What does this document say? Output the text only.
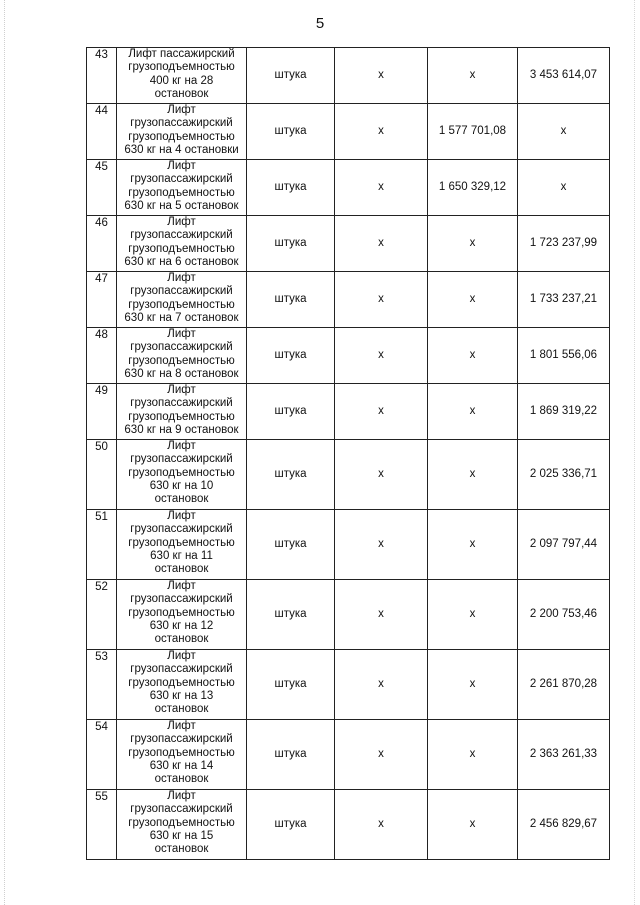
5
43	Лифт пассажирский
грузоподъемностью
400 кг на 28
остановок	штука	х	х	3 453 614,07
44	Лифт
грузопассажирский
грузоподъемностью
630 кг на 4 остановки	штука	х	1 577 701,08	х
45	Лифт
грузопассажирский
грузоподъемностью
630 кг на 5 остановок	штука	х	1 650 329,12	х
46	Лифт
грузопассажирский
грузоподъемностью
630 кг на 6 остановок	штука	х	х	1 723 237,99
47	Лифт
грузопассажирский
грузоподъемностью
630 кг на 7 остановок	штука	х	х	1 733 237,21
48	Лифт
грузопассажирский
грузоподъемностью
630 кг на 8 остановок	штука	х	х	1 801 556,06
49	Лифт
грузопассажирский
грузоподъемностью
630 кг на 9 остановок	штука	х	х	1 869 319,22
50	Лифт
грузопассажирский
грузоподъемностью
630 кг на 10
остановок	штука	х	х	2 025 336,71
51	Лифт
грузопассажирский
грузоподъемностью
630 кг на 11
остановок	штука	х	х	2 097 797,44
52	Лифт
грузопассажирский
грузоподъемностью
630 кг на 12
остановок	штука	х	х	2 200 753,46
53	Лифт
грузопассажирский
грузоподъемностью
630 кг на 13
остановок	штука	х	х	2 261 870,28
54	Лифт
грузопассажирский
грузоподъемностью
630 кг на 14
остановок	штука	х	х	2 363 261,33
55	Лифт
грузопассажирский
грузоподъемностью
630 кг на 15
остановок	штука	х	х	2 456 829,67
